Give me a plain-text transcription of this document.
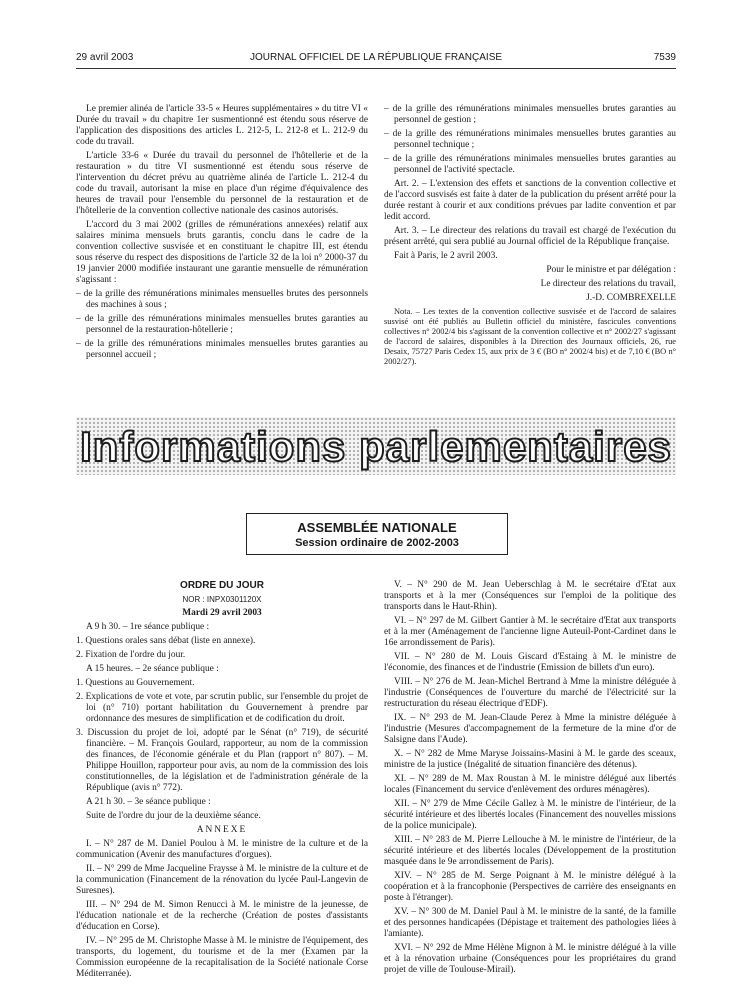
29 avril 2003	JOURNAL OFFICIEL DE LA RÉPUBLIQUE FRANÇAISE	7539

Le premier alinéa de l'article 33-5 « Heures supplémentaires » du titre VI « Durée du travail » du chapitre 1er susmentionné est étendu sous réserve de l'application des dispositions des articles L. 212-5, L. 212-8 et L. 212-9 du code du travail.

L'article 33-6 « Durée du travail du personnel de l'hôtellerie et de la restauration » du titre VI susmentionné est étendu sous réserve de l'intervention du décret prévu au quatrième alinéa de l'article L. 212-4 du code du travail, autorisant la mise en place d'un régime d'équivalence des heures de travail pour l'ensemble du personnel de la restauration et de l'hôtellerie de la convention collective nationale des casinos autorisés.

L'accord du 3 mai 2002 (grilles de rémunérations annexées) relatif aux salaires minima mensuels bruts garantis, conclu dans le cadre de la convention collective susvisée et en constituant le chapitre III, est étendu sous réserve du respect des dispositions de l'article 32 de la loi n° 2000-37 du 19 janvier 2000 modifiée instaurant une garantie mensuelle de rémunération s'agissant :

– de la grille des rémunérations minimales mensuelles brutes des personnels des machines à sous ;

– de la grille des rémunérations minimales mensuelles brutes garanties au personnel de la restauration-hôtellerie ;

– de la grille des rémunérations minimales mensuelles brutes garanties au personnel accueil ;

– de la grille des rémunérations minimales mensuelles brutes garanties au personnel de gestion ;

– de la grille des rémunérations minimales mensuelles brutes garanties au personnel technique ;

– de la grille des rémunérations minimales mensuelles brutes garanties au personnel de l'activité spectacle.

Art. 2. – L'extension des effets et sanctions de la convention collective et de l'accord susvisés est faite à dater de la publication du présent arrêté pour la durée restant à courir et aux conditions prévues par ladite convention et par ledit accord.

Art. 3. – Le directeur des relations du travail est chargé de l'exécution du présent arrêté, qui sera publié au Journal officiel de la République française.

Fait à Paris, le 2 avril 2003.

Pour le ministre et par délégation :

Le directeur des relations du travail,

J.-D. COMBREXELLE

Nota. – Les textes de la convention collective susvisée et de l'accord de salaires susvisé ont été publiés au Bulletin officiel du ministère, fascicules conventions collectives n° 2002/4 bis s'agissant de la convention collective et n° 2002/27 s'agissant de l'accord de salaires, disponibles à la Direction des Journaux officiels, 26, rue Desaix, 75727 Paris Cedex 15, aux prix de 3 € (BO n° 2002/4 bis) et de 7,10 € (BO n° 2002/27).

Informations parlementaires
ASSEMBLÉE NATIONALE
Session ordinaire de 2002-2003

ORDRE DU JOUR

NOR : INPX0301120X

Mardi 29 avril 2003

A 9 h 30. – 1re séance publique :

1. Questions orales sans débat (liste en annexe).

2. Fixation de l'ordre du jour.

A 15 heures. – 2e séance publique :

1. Questions au Gouvernement.

2. Explications de vote et vote, par scrutin public, sur l'ensemble du projet de loi (n° 710) portant habilitation du Gouvernement à prendre par ordonnance des mesures de simplification et de codification du droit.

3. Discussion du projet de loi, adopté par le Sénat (n° 719), de sécurité financière. – M. François Goulard, rapporteur, au nom de la commission des finances, de l'économie générale et du Plan (rapport n° 807). – M. Philippe Houillon, rapporteur pour avis, au nom de la commission des lois constitutionnelles, de la législation et de l'administration générale de la République (avis n° 772).

A 21 h 30. – 3e séance publique :

Suite de l'ordre du jour de la deuxième séance.

ANNEXE

I. – N° 287 de M. Daniel Poulou à M. le ministre de la culture et de la communication (Avenir des manufactures d'orgues).

II. – N° 299 de Mme Jacqueline Fraysse à M. le ministre de la culture et de la communication (Financement de la rénovation du lycée Paul-Langevin de Suresnes).

III. – N° 294 de M. Simon Renucci à M. le ministre de la jeunesse, de l'éducation nationale et de la recherche (Création de postes d'assistants d'éducation en Corse).

IV. – N° 295 de M. Christophe Masse à M. le ministre de l'équipement, des transports, du logement, du tourisme et de la mer (Examen par la Commission européenne de la recapitalisation de la Société nationale Corse Méditerranée).

V. – N° 290 de M. Jean Ueberschlag à M. le secrétaire d'Etat aux transports et à la mer (Conséquences sur l'emploi de la politique des transports dans le Haut-Rhin).

VI. – N° 297 de M. Gilbert Gantier à M. le secrétaire d'Etat aux transports et à la mer (Aménagement de l'ancienne ligne Auteuil-Pont-Cardinet dans le 16e arrondissement de Paris).

VII. – N° 280 de M. Louis Giscard d'Estaing à M. le ministre de l'économie, des finances et de l'industrie (Emission de billets d'un euro).

VIII. – N° 276 de M. Jean-Michel Bertrand à Mme la ministre déléguée à l'industrie (Conséquences de l'ouverture du marché de l'électricité sur la restructuration du réseau électrique d'EDF).

IX. – N° 293 de M. Jean-Claude Perez à Mme la ministre déléguée à l'industrie (Mesures d'accompagnement de la fermeture de la mine d'or de Salsigne dans l'Aude).

X. – N° 282 de Mme Maryse Joissains-Masini à M. le garde des sceaux, ministre de la justice (Inégalité de situation financière des détenus).

XI. – N° 289 de M. Max Roustan à M. le ministre délégué aux libertés locales (Financement du service d'enlèvement des ordures ménagères).

XII. – N° 279 de Mme Cécile Gallez à M. le ministre de l'intérieur, de la sécurité intérieure et des libertés locales (Financement des nouvelles missions de la police municipale).

XIII. – N° 283 de M. Pierre Lellouche à M. le ministre de l'intérieur, de la sécurité intérieure et des libertés locales (Développement de la prostitution masquée dans le 9e arrondissement de Paris).

XIV. – N° 285 de M. Serge Poignant à M. le ministre délégué à la coopération et à la francophonie (Perspectives de carrière des enseignants en poste à l'étranger).

XV. – N° 300 de M. Daniel Paul à M. le ministre de la santé, de la famille et des personnes handicapées (Dépistage et traitement des pathologies liées à l'amiante).

XVI. – N° 292 de Mme Hélène Mignon à M. le ministre délégué à la ville et à la rénovation urbaine (Conséquences pour les propriétaires du grand projet de ville de Toulouse-Mirail).
